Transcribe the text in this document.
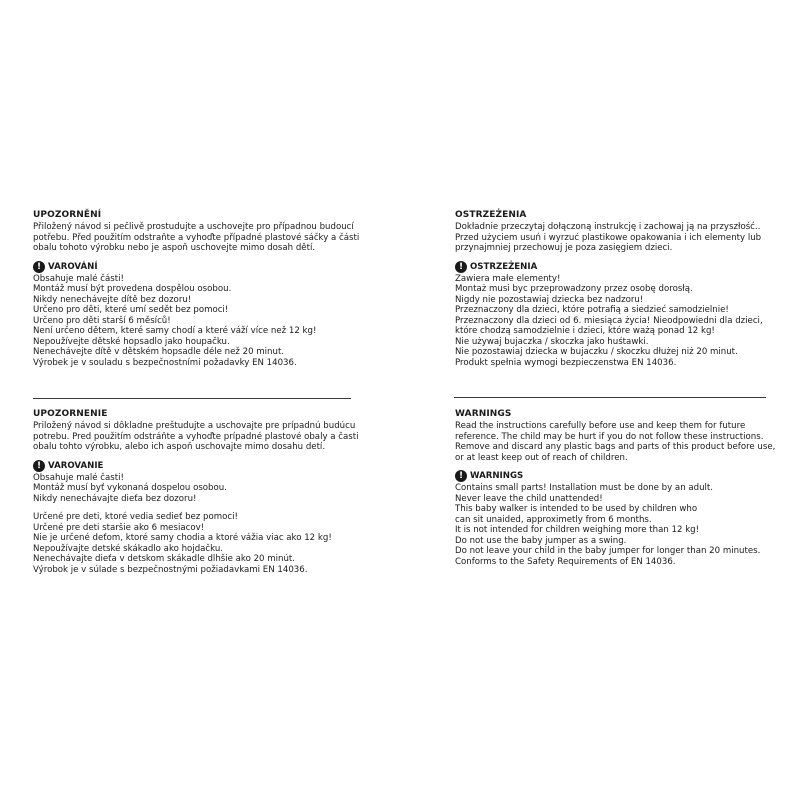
UPOZORNĚNÍ
Přiložený návod si pečlivě prostudujte a uschovejte pro případnou budoucí
potřebu. Před použitím odstraňte a vyhoďte případné plastové sáčky a části
obalu tohoto výrobku nebo je aspoň uschovejte mimo dosah dětí.
! VAROVÁNÍ
Obsahuje malé části!
Montáž musí být provedena dospělou osobou.
Nikdy nenechávejte dítě bez dozoru!
Určeno pro děti, které umí sedět bez pomoci!
Určeno pro děti starší 6 měsíců!
Není určeno dětem, které samy chodí a které váží více než 12 kg!
Nepoužívejte dětské hopsadlo jako houpačku.
Nenechávejte dítě v dětském hopsadle déle než 20 minut.
Výrobek je v souladu s bezpečnostními požadavky EN 14036.
UPOZORNENIE
Priložený návod si dôkladne preštudujte a uschovajte pre prípadnú budúcu
potrebu. Pred použitím odstráňte a vyhoďte prípadné plastové obaly a časti
obalu tohto výrobku, alebo ich aspoň uschovajte mimo dosahu detí.
! VAROVANIE
Obsahuje malé časti!
Montáž musí byť vykonaná dospelou osobou.
Nikdy nenechávajte dieťa bez dozoru!
Určené pre deti, ktoré vedia sedieť bez pomoci!
Určené pre deti staršie ako 6 mesiacov!
Nie je určené deťom, ktoré samy chodia a ktoré vážia viac ako 12 kg!
Nepoužívajte detské skákadlo ako hojdačku.
Nenechávajte dieťa v detskom skákadle dlhšie ako 20 minút.
Výrobok je v súlade s bezpečnostnými požiadavkami EN 14036.
OSTRZEŻENIA
Dokładnie przeczytaj dołączoną instrukcję i zachowaj ją na przyszłość..
Przed użyciem usuń i wyrzuć plastikowe opakowania i ich elementy lub
przynajmniej przechowuj je poza zasięgiem dzieci.
! OSTRZEŻENIA
Zawiera małe elementy!
Montaż musi byc przeprowadzony przez osobę dorosłą.
Nigdy nie pozostawiaj dziecka bez nadzoru!
Przeznaczony dla dzieci, które potrafią a siedzieć samodzielnie!
Przeznaczony dla dzieci od 6. miesiąca życia! Nieodpowiedni dla dzieci,
które chodzą samodzielnie i dzieci, które ważą ponad 12 kg!
Nie używaj bujaczka / skoczka jako huśtawki.
Nie pozostawiaj dziecka w bujaczku / skoczku dłużej niż 20 minut.
Produkt spełnia wymogi bezpieczenstwa EN 14036.
WARNINGS
Read the instructions carefully before use and keep them for future
reference. The child may be hurt if you do not follow these instructions.
Remove and discard any plastic bags and parts of this product before use,
or at least keep out of reach of children.
! WARNINGS
Contains small parts! Installation must be done by an adult.
Never leave the child unattended!
This baby walker is intended to be used by children who
can sit unaided, approximetly from 6 months.
It is not intended for children weighing more than 12 kg!
Do not use the baby jumper as a swing.
Do not leave your child in the baby jumper for longer than 20 minutes.
Conforms to the Safety Requirements of EN 14036.
